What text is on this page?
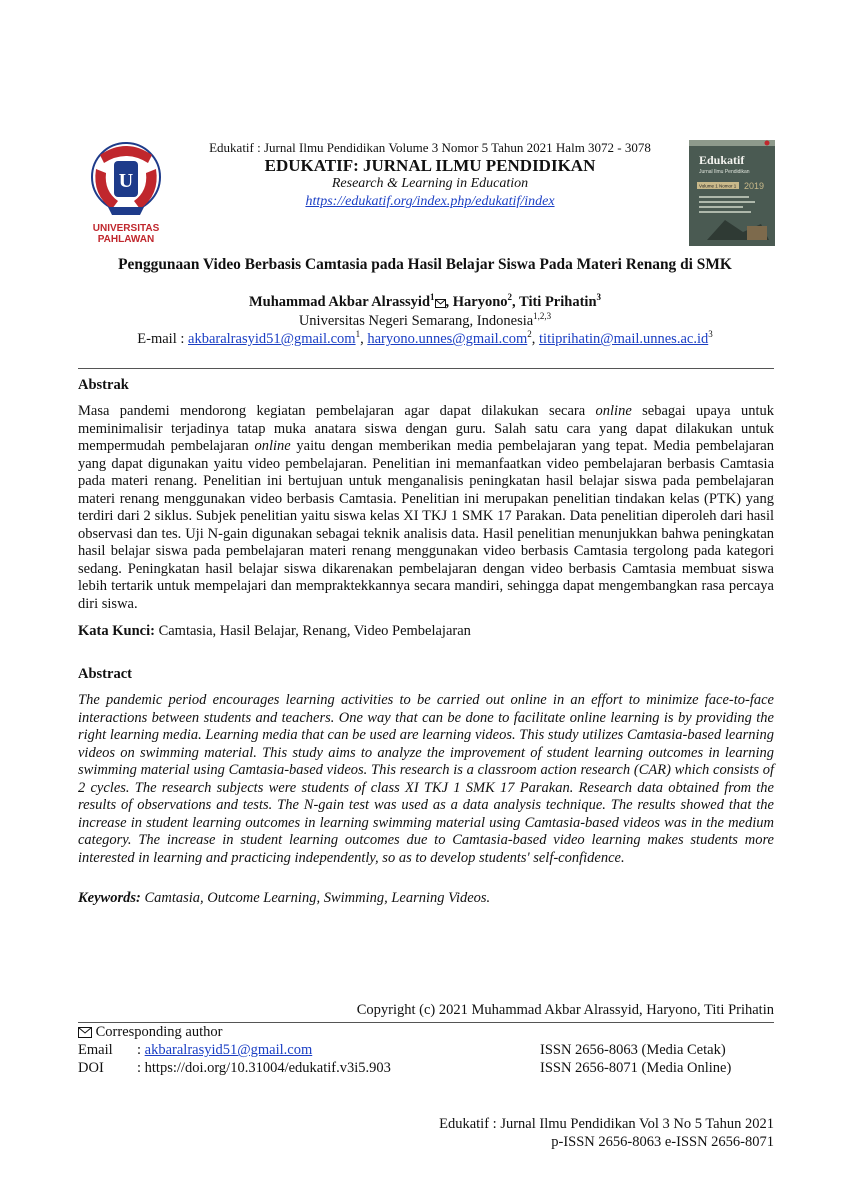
U
UNIVERSITAS
PAHLAWAN
Edukatif : Jurnal Ilmu Pendidikan Volume 3 Nomor 5 Tahun 2021 Halm 3072 - 3078
EDUKATIF: JURNAL ILMU PENDIDIKAN
Research & Learning in Education
https://edukatif.org/index.php/edukatif/index
Edukatif
Jurnal Ilmu Pendidikan
Volume 1 Nomor 1 2019
Penggunaan Video Berbasis Camtasia pada Hasil Belajar Siswa Pada Materi Renang di SMK
Muhammad Akbar Alrassyid$^1$ , Haryono$^2$, Titi Prihatin$^3$
Universitas Negeri Semarang, Indonesia$^{1,2,3}$
E-mail : akbaralrasyid51@gmail.com$^1$, haryono.unnes@gmail.com$^2$, $titiprihatin@mail.unnes.ac.id^3$
Abstrak

Masa pandemi mendorong kegiatan pembelajaran agar dapat dilakukan secara online sebagai upaya untuk meminimalisir terjadinya tatap muka anatara siswa dengan guru. Salah satu cara yang dapat dilakukan untuk mempermudah pembelajaran online yaitu dengan memberikan media pembelajaran yang tepat. Media pembelajaran yang dapat digunakan yaitu video pembelajaran. Penelitian ini memanfaatkan video pembelajaran berbasis Camtasia pada materi renang. Penelitian ini bertujuan untuk menganalisis peningkatan hasil belajar siswa pada pembelajaran materi renang menggunakan video berbasis Camtasia. Penelitian ini merupakan penelitian tindakan kelas (PTK) yang terdiri dari 2 siklus. Subjek penelitian yaitu siswa kelas XI TKJ 1 SMK 17 Parakan. Data penelitian diperoleh dari hasil observasi dan tes. Uji N-gain digunakan sebagai teknik analisis data. Hasil penelitian menunjukkan bahwa peningkatan hasil belajar siswa pada pembelajaran materi renang menggunakan video berbasis Camtasia tergolong pada kategori sedang. Peningkatan hasil belajar siswa dikarenakan pembelajaran dengan video berbasis Camtasia membuat siswa lebih tertarik untuk mempelajari dan mempraktekkannya secara mandiri, sehingga dapat mengembangkan rasa percaya diri siswa.

Kata Kunci: Camtasia, Hasil Belajar, Renang, Video Pembelajaran
Abstract

The pandemic period encourages learning activities to be carried out online in an effort to minimize face-to-face interactions between students and teachers. One way that can be done to facilitate online learning is by providing the right learning media. Learning media that can be used are learning videos. This study utilizes Camtasia-based learning videos on swimming material. This study aims to analyze the improvement of student learning outcomes in learning swimming material using Camtasia-based videos. This research is a classroom action research (CAR) which consists of 2 cycles. The research subjects were students of class XI TKJ 1 SMK 17 Parakan. Research data obtained from the results of observations and tests. The N-gain test was used as a data analysis technique. The results showed that the increase in student learning outcomes in learning swimming material using Camtasia-based videos was in the medium category. The increase in student learning outcomes due to Camtasia-based video learning makes students more interested in learning and practicing independently, so as to develop students' self-confidence.

Keywords: Camtasia, Outcome Learning, Swimming, Learning Videos.
Copyright (c) 2021 Muhammad Akbar Alrassyid, Haryono, Titi Prihatin
Corresponding author
Email : akbaralrasyid51@gmail.com
DOI : https://doi.org/10.31004/edukatif.v3i5.903
ISSN 2656-8063 (Media Cetak)
ISSN 2656-8071 (Media Online)
Edukatif : Jurnal Ilmu Pendidikan Vol 3 No 5 Tahun 2021
p-ISSN 2656-8063 e-ISSN 2656-8071
